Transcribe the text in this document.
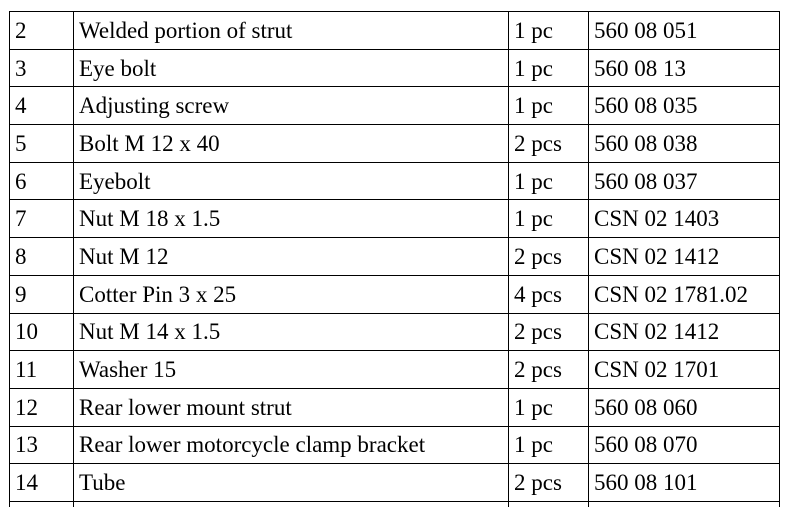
2	Welded portion of strut	1 pc	560 08 051
3	Eye bolt	1 pc	560 08 13
4	Adjusting screw	1 pc	560 08 035
5	Bolt M 12 x 40	2 pcs	560 08 038
6	Eyebolt	1 pc	560 08 037
7	Nut M 18 x 1.5	1 pc	CSN 02 1403
8	Nut M 12	2 pcs	CSN 02 1412
9	Cotter Pin 3 x 25	4 pcs	CSN 02 1781.02
10	Nut M 14 x 1.5	2 pcs	CSN 02 1412
11	Washer 15	2 pcs	CSN 02 1701
12	Rear lower mount strut	1 pc	560 08 060
13	Rear lower motorcycle clamp bracket	1 pc	560 08 070
14	Tube	2 pcs	560 08 101
